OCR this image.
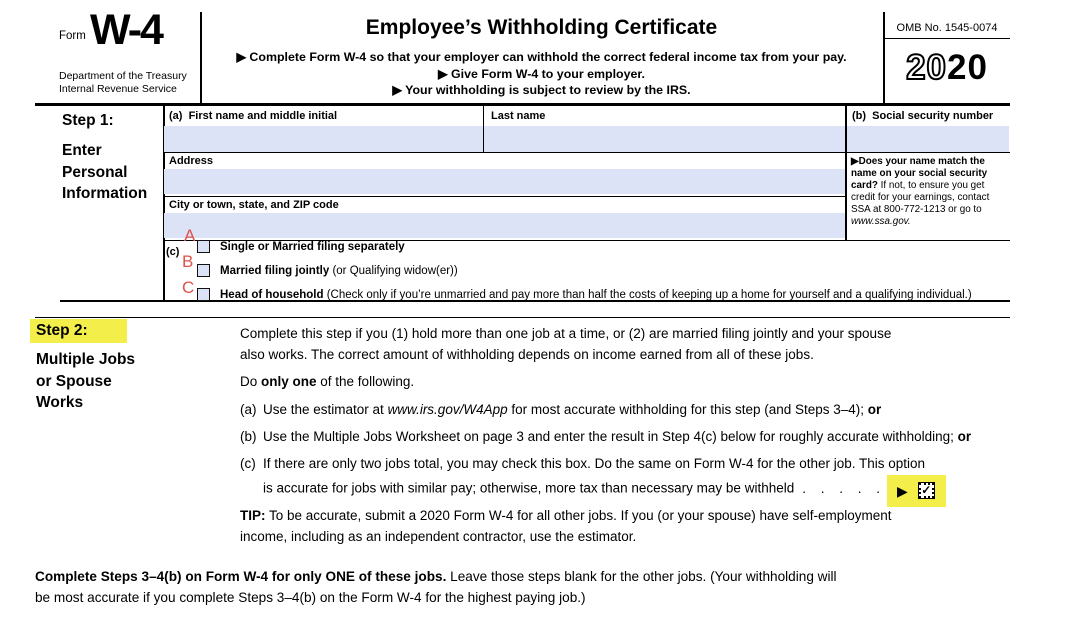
Form W-4
Department of the Treasury
Internal Revenue Service
Employee’s Withholding Certificate
▶ Complete Form W-4 so that your employer can withhold the correct federal income tax from your pay.
▶ Give Form W-4 to your employer.
▶ Your withholding is subject to review by the IRS.
OMB No. 1545-0074
2020
Step 1:
Enter
Personal
Information
(a) First name and middle initial	Last name	(b) Social security number
Address
City or town, state, and ZIP code
▶Does your name match the name on your social security card? If not, to ensure you get credit for your earnings, contact SSA at 800-772-1213 or go to www.ssa.gov.
(c)
A
Single or Married filing separately
B Married filing jointly (or Qualifying widow(er))
C Head of household (Check only if you’re unmarried and pay more than half the costs of keeping up a home for yourself and a qualifying individual.)
Step 2:
Multiple Jobs
or Spouse
Works
Complete this step if you (1) hold more than one job at a time, or (2) are married filing jointly and your spouse
also works. The correct amount of withholding depends on income earned from all of these jobs.
Do only one of the following.
(a) Use the estimator at www.irs.gov/W4App for most accurate withholding for this step (and Steps 3–4); or
(b) Use the Multiple Jobs Worksheet on page 3 and enter the result in Step 4(c) below for roughly accurate withholding; or
(c) If there are only two jobs total, you may check this box. Do the same on Form W-4 for the other job. This option
is accurate for jobs with similar pay; otherwise, more tax than necessary may be withheld . . . . . ▶ ✓
TIP: To be accurate, submit a 2020 Form W-4 for all other jobs. If you (or your spouse) have self-employment
income, including as an independent contractor, use the estimator.
Complete Steps 3–4(b) on Form W-4 for only ONE of these jobs. Leave those steps blank for the other jobs. (Your withholding will
be most accurate if you complete Steps 3–4(b) on the Form W-4 for the highest paying job.)
